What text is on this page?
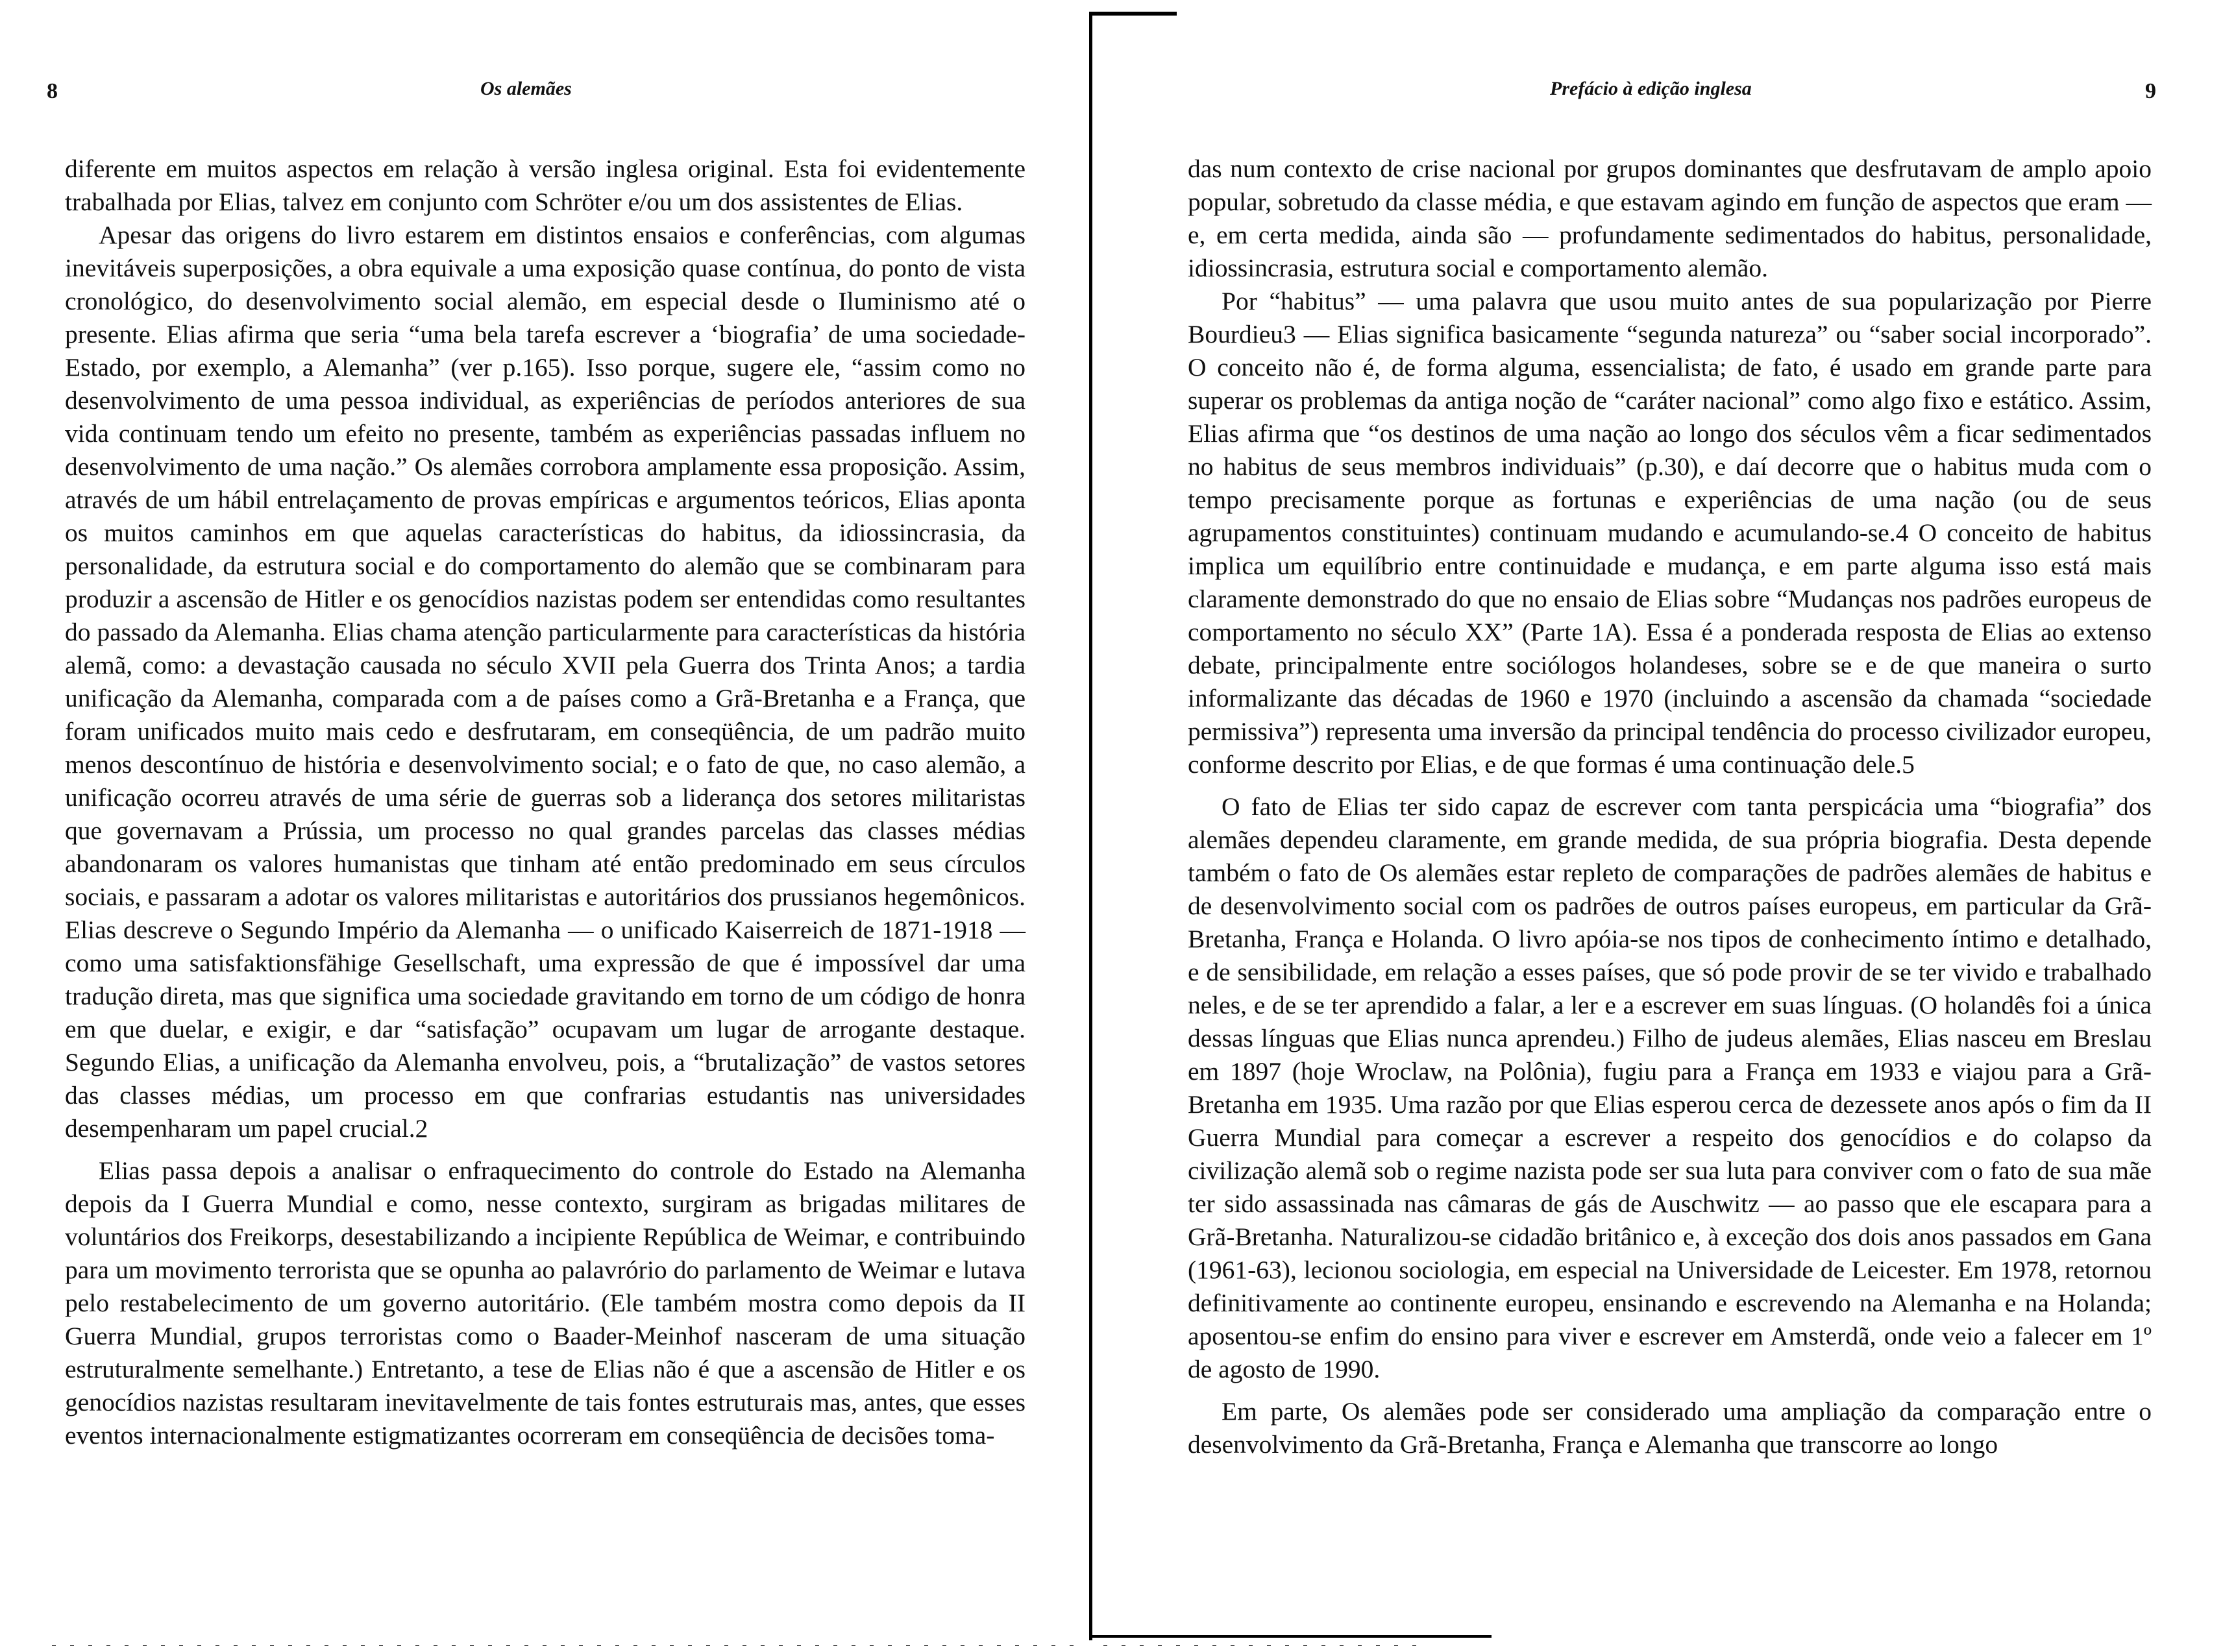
8	Os alemães

diferente em muitos aspectos em relação à versão inglesa original. Esta foi evidentemente trabalhada por Elias, talvez em conjunto com Schröter e/ou um dos assistentes de Elias.

Apesar das origens do livro estarem em distintos ensaios e conferências, com algumas inevitáveis superposições, a obra equivale a uma exposição quase contínua, do ponto de vista cronológico, do desenvolvimento social alemão, em especial desde o Iluminismo até o presente. Elias afirma que seria “uma bela tarefa escrever a ‘biografia’ de uma sociedade-Estado, por exemplo, a Alemanha” (ver p.165). Isso porque, sugere ele, “assim como no desenvolvimento de uma pessoa individual, as experiências de períodos anteriores de sua vida continuam tendo um efeito no presente, também as experiências passadas influem no desenvolvimento de uma nação.” Os alemães corrobora amplamente essa proposição. Assim, através de um hábil entrelaçamento de provas empíricas e argumentos teóricos, Elias aponta os muitos caminhos em que aquelas características do habitus, da idiossincrasia, da personalidade, da estrutura social e do comportamento do alemão que se combinaram para produzir a ascensão de Hitler e os genocídios nazistas podem ser entendidas como resultantes do passado da Alemanha. Elias chama atenção particularmente para características da história alemã, como: a devastação causada no século XVII pela Guerra dos Trinta Anos; a tardia unificação da Alemanha, comparada com a de países como a Grã-Bretanha e a França, que foram unificados muito mais cedo e desfrutaram, em conseqüência, de um padrão muito menos descontínuo de história e desenvolvimento social; e o fato de que, no caso alemão, a unificação ocorreu através de uma série de guerras sob a liderança dos setores militaristas que governavam a Prússia, um processo no qual grandes parcelas das classes médias abandonaram os valores humanistas que tinham até então predominado em seus círculos sociais, e passaram a adotar os valores militaristas e autoritários dos prussianos hegemônicos. Elias descreve o Segundo Império da Alemanha — o unificado Kaiserreich de 1871-1918 — como uma satisfaktionsfähige Gesellschaft, uma expressão de que é impossível dar uma tradução direta, mas que significa uma sociedade gravitando em torno de um código de honra em que duelar, e exigir, e dar “satisfação” ocupavam um lugar de arrogante destaque. Segundo Elias, a unificação da Alemanha envolveu, pois, a “brutalização” de vastos setores das classes médias, um processo em que confrarias estudantis nas universidades desempenharam um papel crucial.2

Elias passa depois a analisar o enfraquecimento do controle do Estado na Alemanha depois da I Guerra Mundial e como, nesse contexto, surgiram as brigadas militares de voluntários dos Freikorps, desestabilizando a incipiente República de Weimar, e contribuindo para um movimento terrorista que se opunha ao palavrório do parlamento de Weimar e lutava pelo restabelecimento de um governo autoritário. (Ele também mostra como depois da II Guerra Mundial, grupos terroristas como o Baader-Meinhof nasceram de uma situação estruturalmente semelhante.) Entretanto, a tese de Elias não é que a ascensão de Hitler e os genocídios nazistas resultaram inevitavelmente de tais fontes estruturais mas, antes, que esses eventos internacionalmente estigmatizantes ocorreram em conseqüência de decisões toma-

Prefácio à edição inglesa	9

das num contexto de crise nacional por grupos dominantes que desfrutavam de amplo apoio popular, sobretudo da classe média, e que estavam agindo em função de aspectos que eram — e, em certa medida, ainda são — profundamente sedimentados do habitus, personalidade, idiossincrasia, estrutura social e comportamento alemão.

Por “habitus” — uma palavra que usou muito antes de sua popularização por Pierre Bourdieu3 — Elias significa basicamente “segunda natureza” ou “saber social incorporado”. O conceito não é, de forma alguma, essencialista; de fato, é usado em grande parte para superar os problemas da antiga noção de “caráter nacional” como algo fixo e estático. Assim, Elias afirma que “os destinos de uma nação ao longo dos séculos vêm a ficar sedimentados no habitus de seus membros individuais” (p.30), e daí decorre que o habitus muda com o tempo precisamente porque as fortunas e experiências de uma nação (ou de seus agrupamentos constituintes) continuam mudando e acumulando-se.4 O conceito de habitus implica um equilíbrio entre continuidade e mudança, e em parte alguma isso está mais claramente demonstrado do que no ensaio de Elias sobre “Mudanças nos padrões europeus de comportamento no século XX” (Parte 1A). Essa é a ponderada resposta de Elias ao extenso debate, principalmente entre sociólogos holandeses, sobre se e de que maneira o surto informalizante das décadas de 1960 e 1970 (incluindo a ascensão da chamada “sociedade permissiva”) representa uma inversão da principal tendência do processo civilizador europeu, conforme descrito por Elias, e de que formas é uma continuação dele.5

O fato de Elias ter sido capaz de escrever com tanta perspicácia uma “biografia” dos alemães dependeu claramente, em grande medida, de sua própria biografia. Desta depende também o fato de Os alemães estar repleto de comparações de padrões alemães de habitus e de desenvolvimento social com os padrões de outros países europeus, em particular da Grã-Bretanha, França e Holanda. O livro apóia-se nos tipos de conhecimento íntimo e detalhado, e de sensibilidade, em relação a esses países, que só pode provir de se ter vivido e trabalhado neles, e de se ter aprendido a falar, a ler e a escrever em suas línguas. (O holandês foi a única dessas línguas que Elias nunca aprendeu.) Filho de judeus alemães, Elias nasceu em Breslau em 1897 (hoje Wroclaw, na Polônia), fugiu para a França em 1933 e viajou para a Grã-Bretanha em 1935. Uma razão por que Elias esperou cerca de dezessete anos após o fim da II Guerra Mundial para começar a escrever a respeito dos genocídios e do colapso da civilização alemã sob o regime nazista pode ser sua luta para conviver com o fato de sua mãe ter sido assassinada nas câmaras de gás de Auschwitz — ao passo que ele escapara para a Grã-Bretanha. Naturalizou-se cidadão britânico e, à exceção dos dois anos passados em Gana (1961-63), lecionou sociologia, em especial na Universidade de Leicester. Em 1978, retornou definitivamente ao continente europeu, ensinando e escrevendo na Alemanha e na Holanda; aposentou-se enfim do ensino para viver e escrever em Amsterdã, onde veio a falecer em 1º de agosto de 1990.

Em parte, Os alemães pode ser considerado uma ampliação da comparação entre o desenvolvimento da Grã-Bretanha, França e Alemanha que transcorre ao longo
